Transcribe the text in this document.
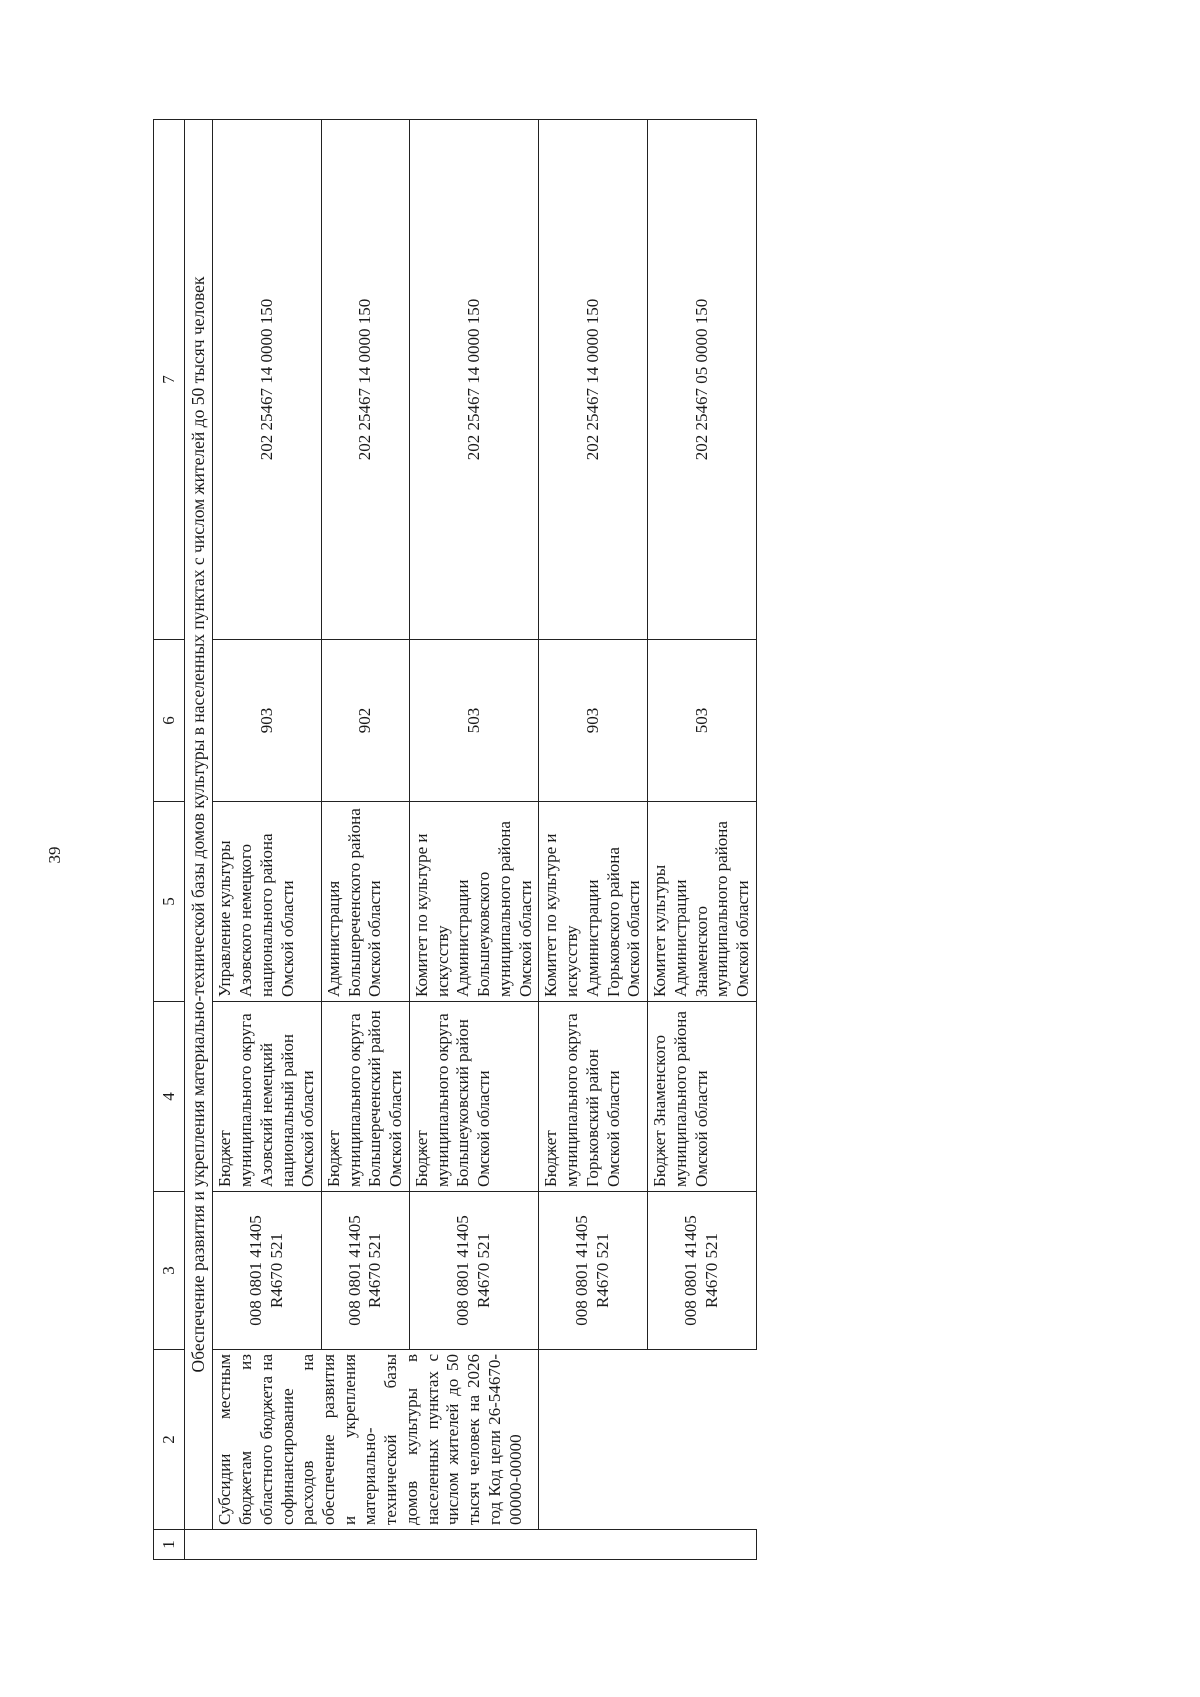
39
1	2	3	4	5	6	7
	Обеспечение развития и укрепления материально-технической базы домов культуры в населенных пунктах с числом жителей до 50 тысяч человек					
	Субсидии местным бюджетам из областного бюджета на софинансирование расходов на обеспечение развития и укрепления материально-технической базы домов культуры в населенных пунктах с числом жителей до 50 тысяч человек на 2026 год Код цели 26-54670-00000-00000	008 0801 41405 R4670 521	Бюджет муниципального округа Азовский немецкий национальный район Омской области	Управление культуры Азовского немецкого национального района Омской области	903	202 25467 14 0000 150
		008 0801 41405 R4670 521	Бюджет муниципального округа Большереченский район Омской области	Администрация Большереченского района Омской области	902	202 25467 14 0000 150
		008 0801 41405 R4670 521	Бюджет муниципального округа Большеуковский район Омской области	Комитет по культуре и искусству Администрации Большеуковского муниципального района Омской области	503	202 25467 14 0000 150
		008 0801 41405 R4670 521	Бюджет муниципального округа Горьковский район Омской области	Комитет по культуре и искусству Администрации Горьковского района Омской области	903	202 25467 14 0000 150
		008 0801 41405 R4670 521	Бюджет Знаменского муниципального района Омской области	Комитет культуры Администрации Знаменского муниципального района Омской области	503	202 25467 05 0000 150
